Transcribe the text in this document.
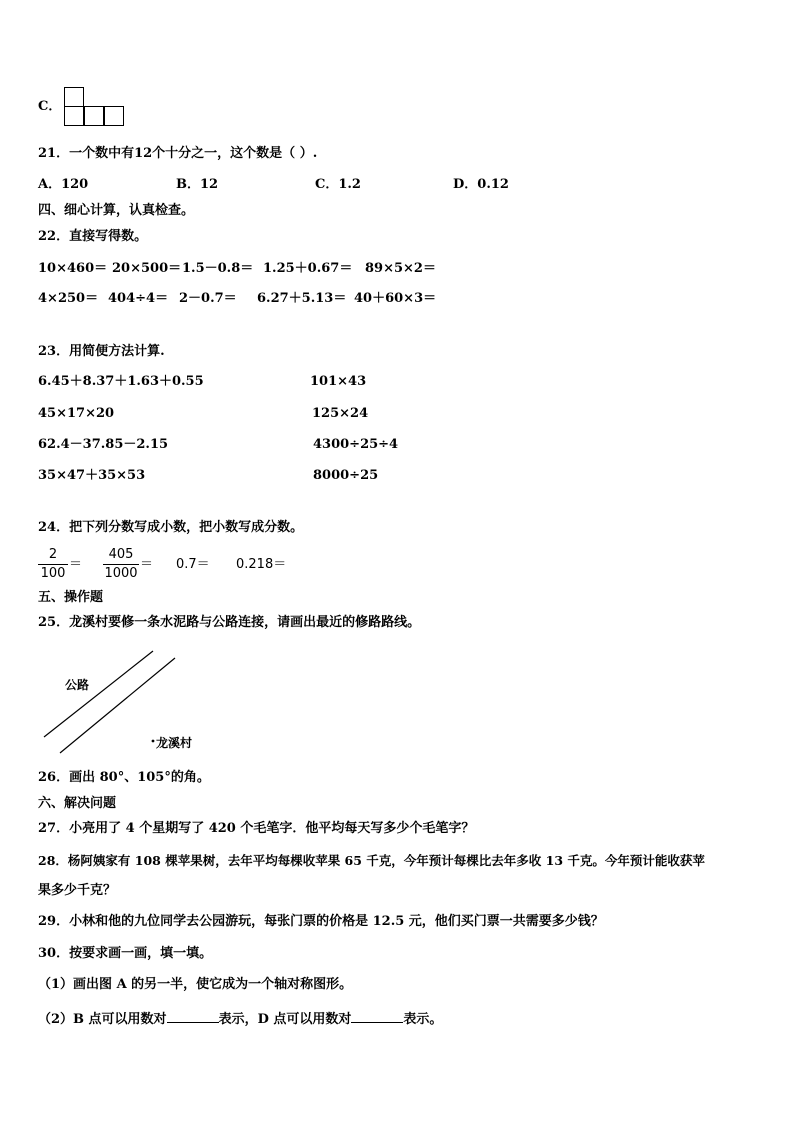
C．
21．一个数中有12个十分之一，这个数是（ ）.
A．120	B．12	C．1.2	D．0.12
四、细心计算，认真检查。
22．直接写得数。
10×460＝ 20×500＝ 1.5－0.8＝ 1.25＋0.67＝ 89×5×2＝
4×250＝ 404÷4＝ 2－0.7＝ 6.27＋5.13＝ 40＋60×3＝
23．用简便方法计算.
6.45＋8.37＋1.63＋0.55	101×43
45×17×20	125×24
62.4－37.85－2.15	4300÷25÷4
35×47＋35×53	8000÷25
24．把下列分数写成小数，把小数写成分数。
2
100
＝
405
1000
＝ 0.7＝ 0.218＝
五、操作题
25．龙溪村要修一条水泥路与公路连接，请画出最近的修路路线。
公路
龙溪村
26．画出 80°、105°的角。
六、解决问题
27．小亮用了 4 个星期写了 420 个毛笔字．他平均每天写多少个毛笔字？
28．杨阿姨家有 108 棵苹果树，去年平均每棵收苹果 65 千克，今年预计每棵比去年多收 13 千克。今年预计能收获苹
果多少千克？
29．小林和他的九位同学去公园游玩，每张门票的价格是 12.5 元，他们买门票一共需要多少钱？
30．按要求画一画，填一填。
（1）画出图 A 的另一半，使它成为一个轴对称图形。
（2）B 点可以用数对	表示，D 点可以用数对	表示。
